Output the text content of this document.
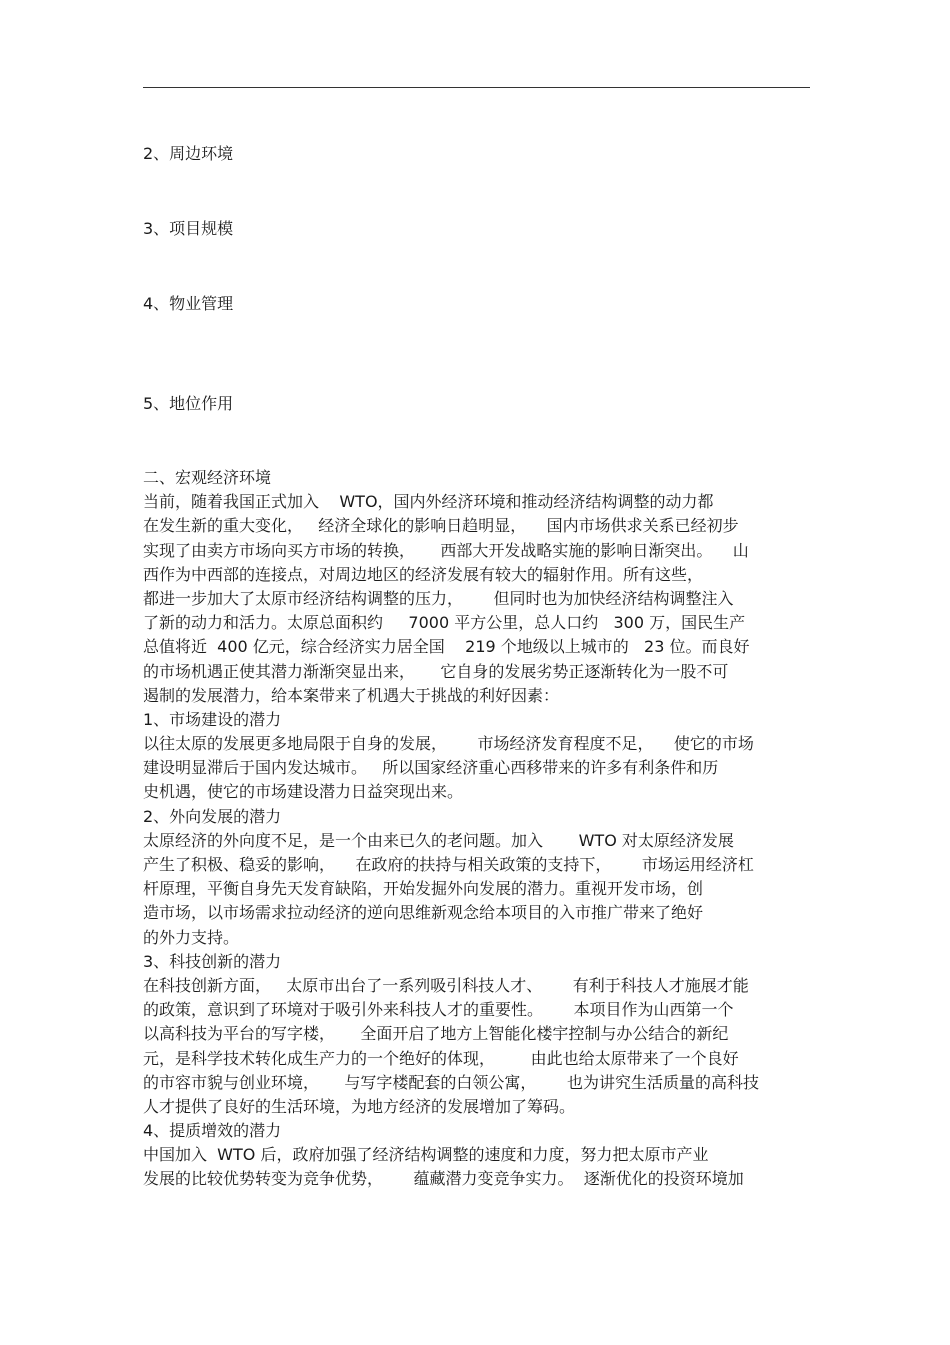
2、周边环境
3、项目规模
4、物业管理
5、地位作用
二、宏观经济环境
当前，随着我国正式加入    WTO，国内外经济环境和推动经济结构调整的动力都
在发生新的重大变化，   经济全球化的影响日趋明显，    国内市场供求关系已经初步
实现了由卖方市场向买方市场的转换，     西部大开发战略实施的影响日渐突出。    山
西作为中西部的连接点，对周边地区的经济发展有较大的辐射作用。所有这些，
都进一步加大了太原市经济结构调整的压力，      但同时也为加快经济结构调整注入
了新的动力和活力。太原总面积约     7000 平方公里，总人口约   300 万，国民生产
总值将近  400 亿元，综合经济实力居全国    219 个地级以上城市的   23 位。而良好
的市场机遇正使其潜力渐渐突显出来，     它自身的发展劣势正逐渐转化为一股不可
遏制的发展潜力，给本案带来了机遇大于挑战的利好因素：
1、市场建设的潜力
以往太原的发展更多地局限于自身的发展，      市场经济发育程度不足，    使它的市场
建设明显滞后于国内发达城市。   所以国家经济重心西移带来的许多有利条件和历
史机遇，使它的市场建设潜力日益突现出来。
2、外向发展的潜力
太原经济的外向度不足，是一个由来已久的老问题。加入       WTO 对太原经济发展
产生了积极、稳妥的影响，    在政府的扶持与相关政策的支持下，      市场运用经济杠
杆原理，平衡自身先天发育缺陷，开始发掘外向发展的潜力。重视开发市场，创
造市场，以市场需求拉动经济的逆向思维新观念给本项目的入市推广带来了绝好
的外力支持。
3、科技创新的潜力
在科技创新方面，   太原市出台了一系列吸引科技人才、      有利于科技人才施展才能
的政策，意识到了环境对于吸引外来科技人才的重要性。      本项目作为山西第一个
以高科技为平台的写字楼，     全面开启了地方上智能化楼宇控制与办公结合的新纪
元，是科学技术转化成生产力的一个绝好的体现，       由此也给太原带来了一个良好
的市容市貌与创业环境，     与写字楼配套的白领公寓，      也为讲究生活质量的高科技
人才提供了良好的生活环境，为地方经济的发展增加了筹码。
4、提质增效的潜力
中国加入  WTO 后，政府加强了经济结构调整的速度和力度，努力把太原市产业
发展的比较优势转变为竞争优势，      蕴藏潜力变竞争实力。  逐渐优化的投资环境加
